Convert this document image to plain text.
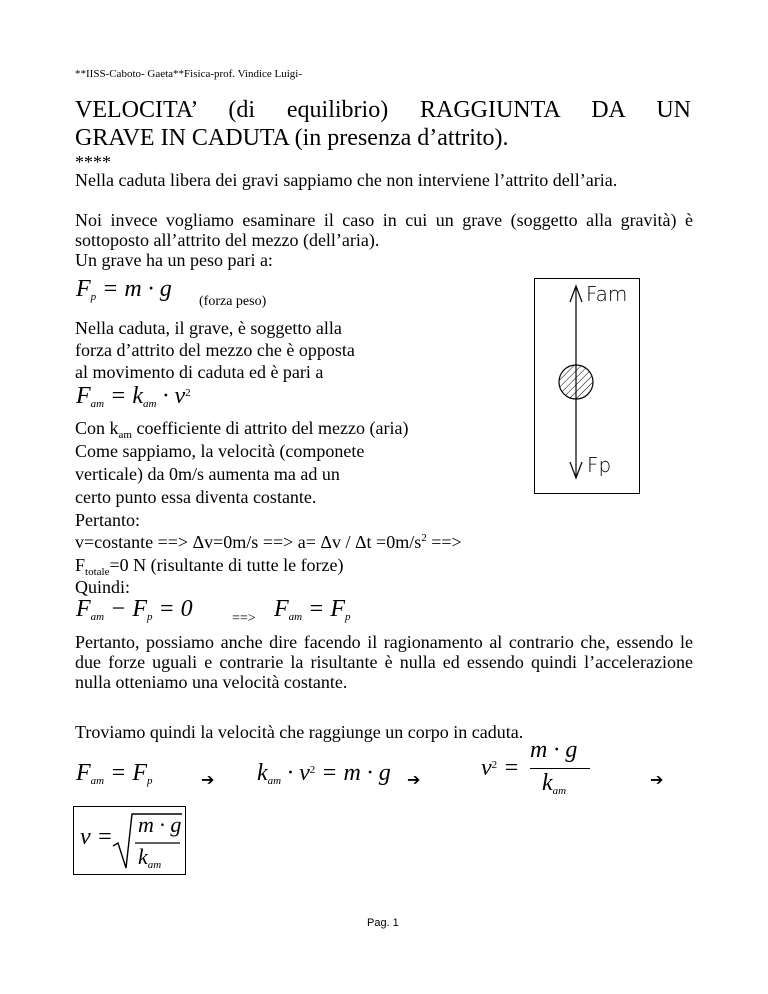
**IISS-Caboto- Gaeta**Fisica-prof. Vindice Luigi-
VELOCITA’ (di equilibrio) RAGGIUNTA DA UN
GRAVE IN CADUTA (in presenza d’attrito).
****
Nella caduta libera dei gravi sappiamo che non interviene l’attrito dell’aria.
Noi invece vogliamo esaminare il caso in cui un grave (soggetto alla gravità) è sottoposto all’attrito del mezzo (dell’aria).
Un grave ha un peso pari a:
$F_p = m \cdot g$ (forza peso)
Nella caduta, il grave, è soggetto alla
forza d’attrito del mezzo che è opposta
al movimento di caduta ed è pari a
$F_{am} = k_{am} \cdot v^2$
Con $k_{am}$ coefficiente di attrito del mezzo (aria)
Come sappiamo, la velocità (componete
verticale) da 0m/s aumenta ma ad un
certo punto essa diventa costante.
Pertanto:
v=costante ==> Δv=0m/s ==> $a= \Delta v / \Delta t =0m/s^2$ ==>
$F_{totale}=0$ N (risultante di tutte le forze)
Quindi:
$F_{am} - F_p = 0$	==> $F_{am} = F_p$
Pertanto, possiamo anche dire facendo il ragionamento al contrario che, essendo le due forze uguali e contrarie la risultante è nulla ed essendo quindi l’accelerazione nulla otteniamo una velocità costante.
Troviamo quindi la velocità che raggiunge un corpo in caduta.
$F_{am} = F_p$	➔ $k_{am} \cdot v^2 = m \cdot g$ ➔	$v^2$ =
m · g
$k_{am}$
➔
v = m · g
$k_{am}$
Fam
Fp
Pag. 1
